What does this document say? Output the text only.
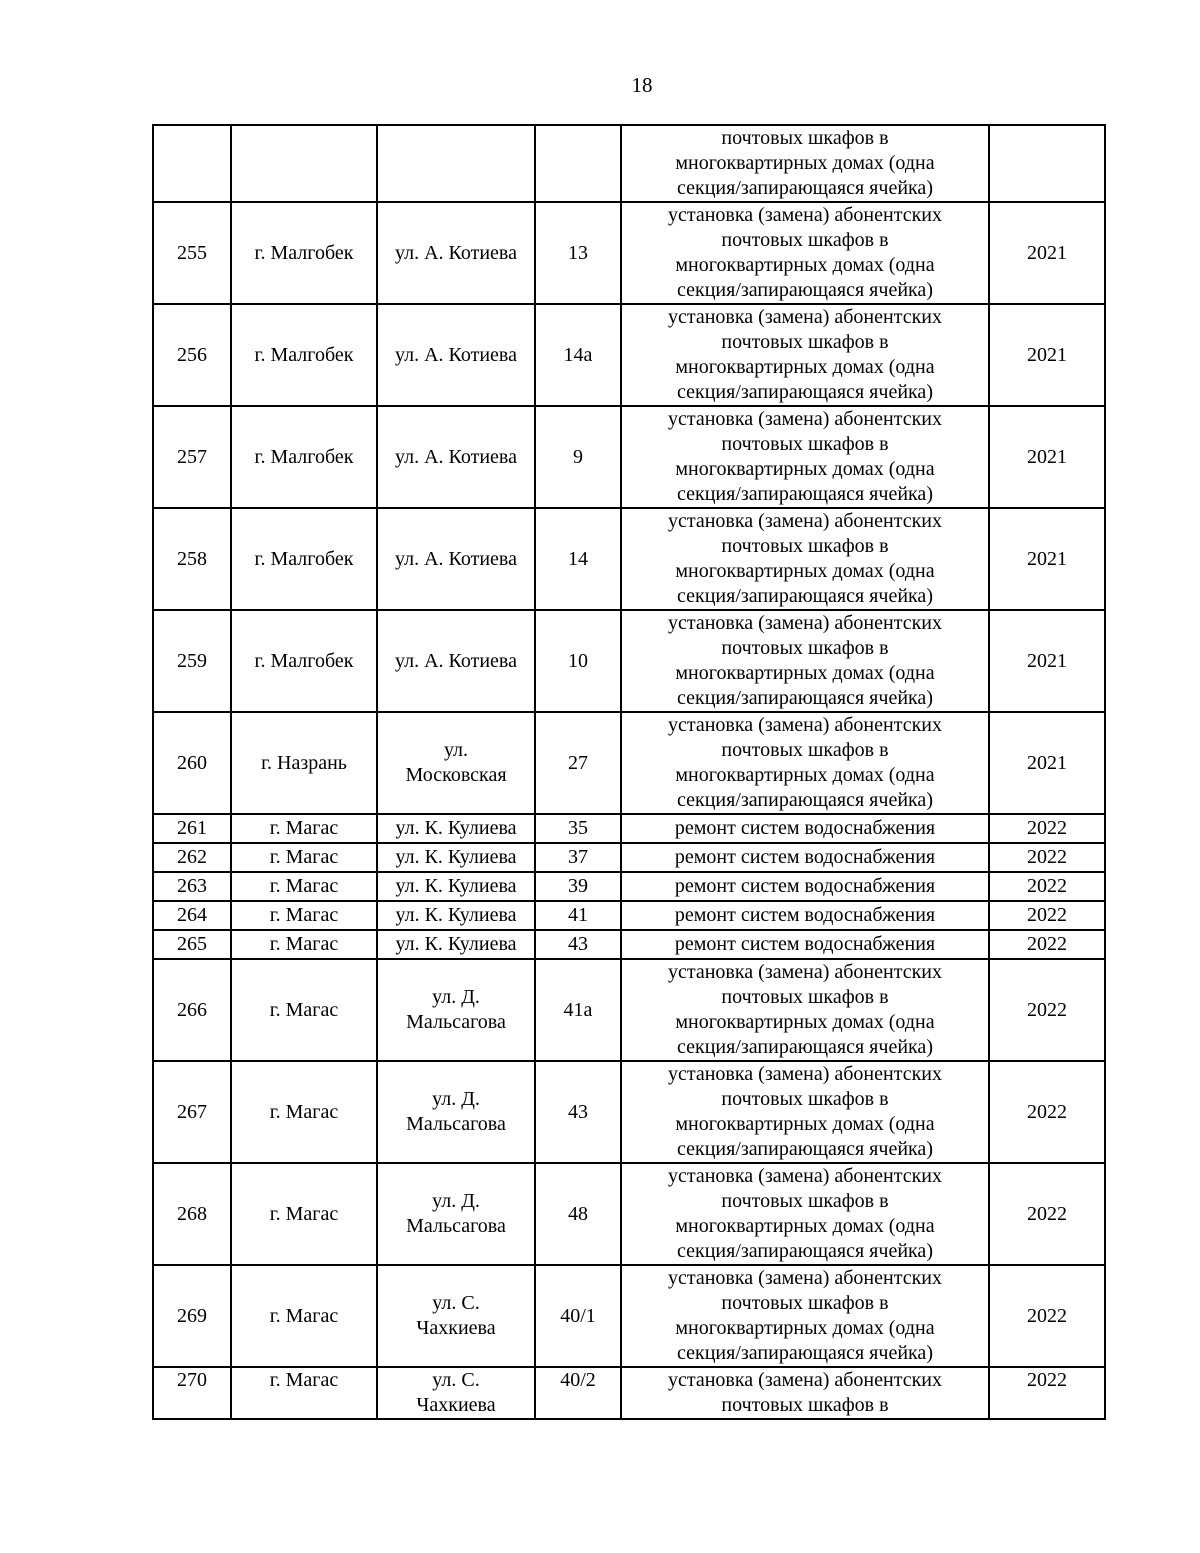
18
				почтовых шкафов в
многоквартирных домах (одна
секция/запирающаяся ячейка)	
255	г. Малгобек	ул. А. Котиева	13	установка (замена) абонентских
почтовых шкафов в
многоквартирных домах (одна
секция/запирающаяся ячейка)	2021
256	г. Малгобек	ул. А. Котиева	14а	установка (замена) абонентских
почтовых шкафов в
многоквартирных домах (одна
секция/запирающаяся ячейка)	2021
257	г. Малгобек	ул. А. Котиева	9	установка (замена) абонентских
почтовых шкафов в
многоквартирных домах (одна
секция/запирающаяся ячейка)	2021
258	г. Малгобек	ул. А. Котиева	14	установка (замена) абонентских
почтовых шкафов в
многоквартирных домах (одна
секция/запирающаяся ячейка)	2021
259	г. Малгобек	ул. А. Котиева	10	установка (замена) абонентских
почтовых шкафов в
многоквартирных домах (одна
секция/запирающаяся ячейка)	2021
260	г. Назрань	ул.
Московская	27	установка (замена) абонентских
почтовых шкафов в
многоквартирных домах (одна
секция/запирающаяся ячейка)	2021
261	г. Магас	ул. К. Кулиева	35	ремонт систем водоснабжения	2022
262	г. Магас	ул. К. Кулиева	37	ремонт систем водоснабжения	2022
263	г. Магас	ул. К. Кулиева	39	ремонт систем водоснабжения	2022
264	г. Магас	ул. К. Кулиева	41	ремонт систем водоснабжения	2022
265	г. Магас	ул. К. Кулиева	43	ремонт систем водоснабжения	2022
266	г. Магас	ул. Д.
Мальсагова	41а	установка (замена) абонентских
почтовых шкафов в
многоквартирных домах (одна
секция/запирающаяся ячейка)	2022
267	г. Магас	ул. Д.
Мальсагова	43	установка (замена) абонентских
почтовых шкафов в
многоквартирных домах (одна
секция/запирающаяся ячейка)	2022
268	г. Магас	ул. Д.
Мальсагова	48	установка (замена) абонентских
почтовых шкафов в
многоквартирных домах (одна
секция/запирающаяся ячейка)	2022
269	г. Магас	ул. С.
Чахкиева	40/1	установка (замена) абонентских
почтовых шкафов в
многоквартирных домах (одна
секция/запирающаяся ячейка)	2022
270	г. Магас	ул. С.
Чахкиева	40/2	установка (замена) абонентских
почтовых шкафов в	2022
